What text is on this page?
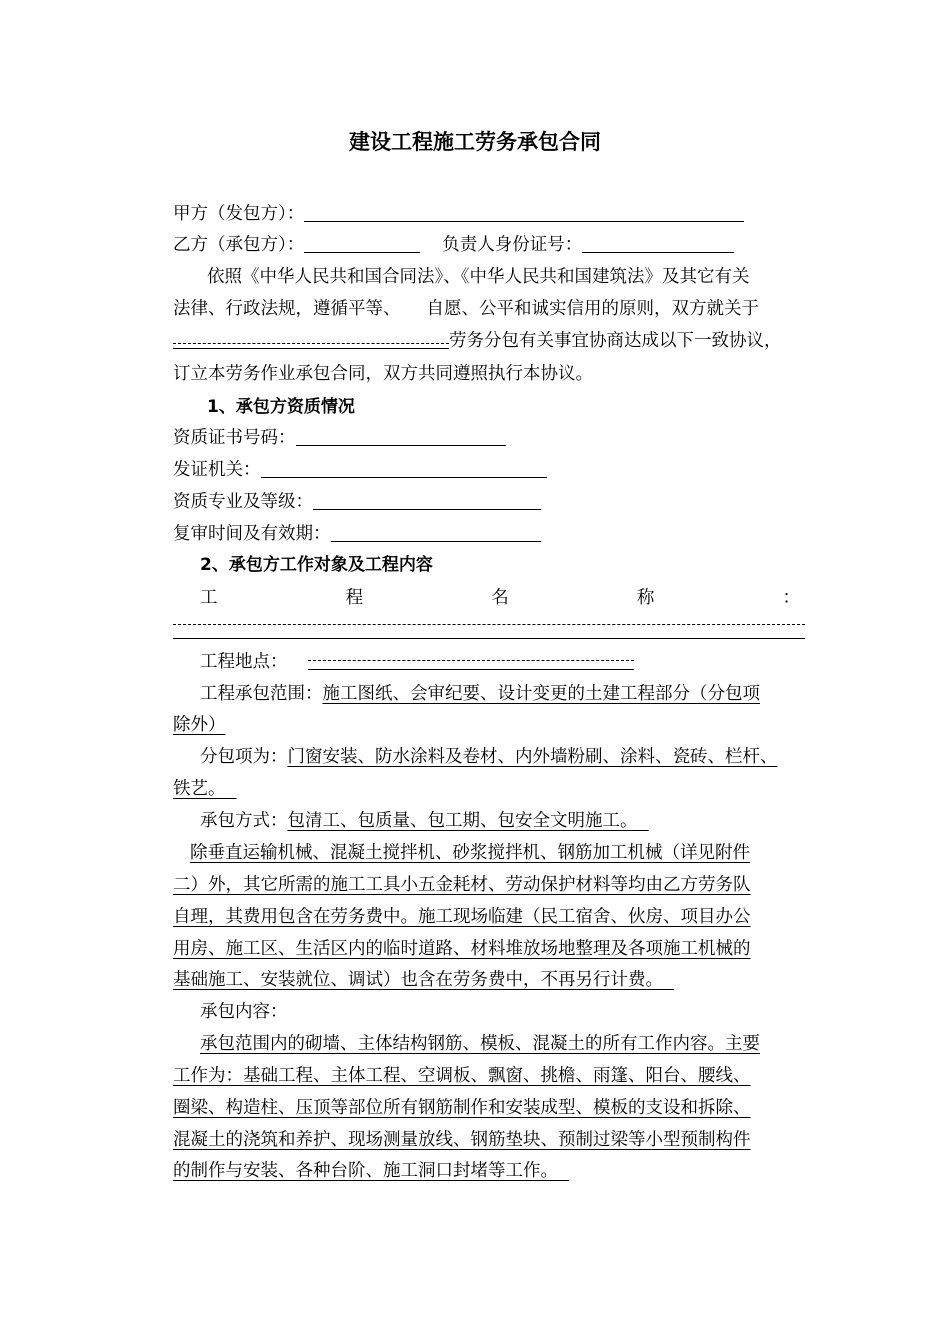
建设工程施工劳务承包合同
甲方（发包方）：
乙方（承包方）：	负责人身份证号：
依照《中华人民共和国合同法》、《中华人民共和国建筑法》及其它有关
法律、行政法规，遵循平等、 自愿、公平和诚实信用的原则，双方就关于
劳务分包有关事宜协商达成以下一致协议，
订立本劳务作业承包合同，双方共同遵照执行本协议。
1、承包方资质情况
资质证书号码：
发证机关：
资质专业及等级：
复审时间及有效期：
2、承包方工作对象及工程内容
工	程	名	称	：
工程地点：
工程承包范围：施工图纸、会审纪要、设计变更的土建工程部分（分包项
除外）
分包项为：门窗安装、防水涂料及卷材、内外墙粉刷、涂料、瓷砖、栏杆、
铁艺。
承包方式：包清工、包质量、包工期、包安全文明施工。
除垂直运输机械、混凝土搅拌机、砂浆搅拌机、钢筋加工机械（详见附件
二）外，其它所需的施工工具小五金耗材、劳动保护材料等均由乙方劳务队
自理，其费用包含在劳务费中。施工现场临建（民工宿舍、伙房、项目办公
用房、施工区、生活区内的临时道路、材料堆放场地整理及各项施工机械的
基础施工、安装就位、调试）也含在劳务费中，不再另行计费。
承包内容：
承包范围内的砌墙、主体结构钢筋、模板、混凝土的所有工作内容。主要
工作为：基础工程、主体工程、空调板、飘窗、挑檐、雨篷、阳台、腰线、
圈梁、构造柱、压顶等部位所有钢筋制作和安装成型、模板的支设和拆除、
混凝土的浇筑和养护、现场测量放线、钢筋垫块、预制过梁等小型预制构件
的制作与安装、各种台阶、施工洞口封堵等工作。
